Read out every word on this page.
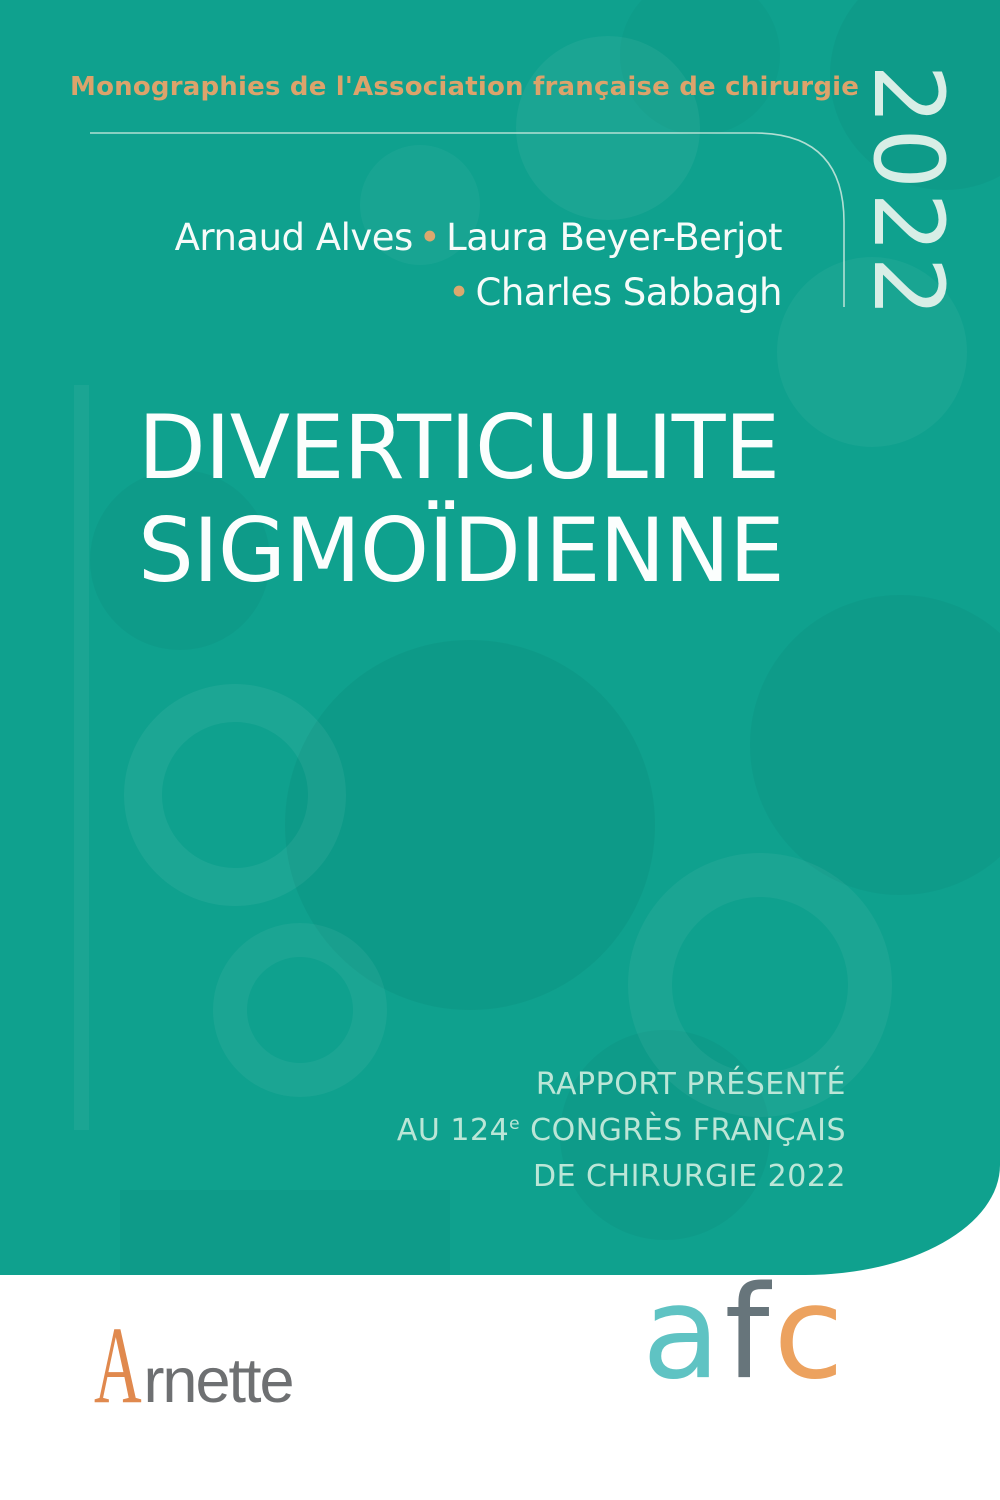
Monographies de l'Association française de chirurgie
2022
Arnaud Alves • Laura Beyer-Berjot
• Charles Sabbagh
DIVERTICULITE
SIGMOÏDIENNE
RAPPORT PRÉSENTÉ
AU 124e CONGRÈS FRANÇAIS
DE CHIRURGIE 2022
A rnette	afc
